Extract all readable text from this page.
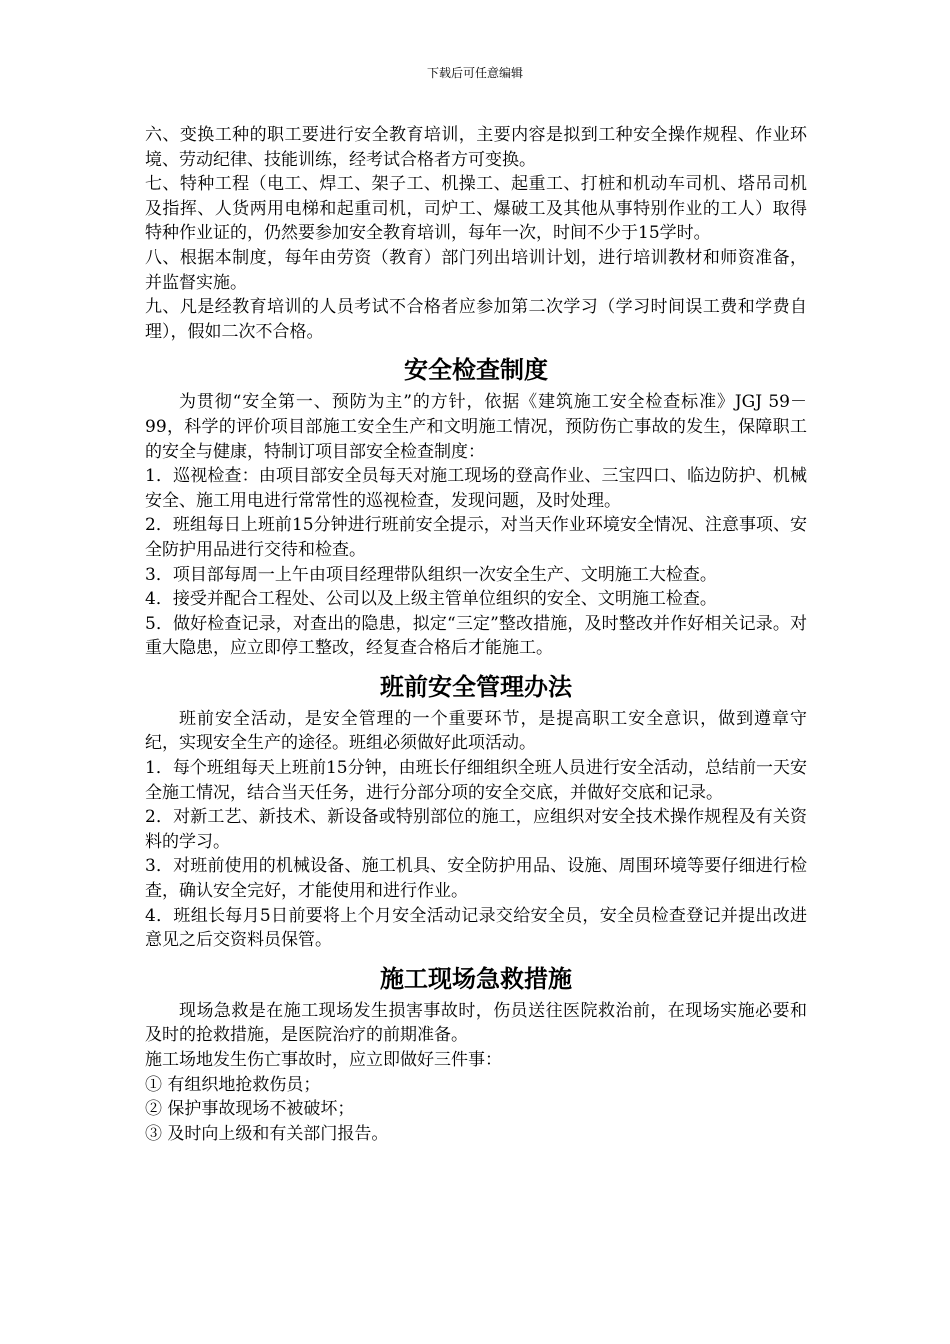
下载后可任意编辑

六、变换工种的职工要进行安全教育培训，主要内容是拟到工种安全操作规程、作业环境、劳动纪律、技能训练，经考试合格者方可变换。

七、特种工程（电工、焊工、架子工、机操工、起重工、打桩和机动车司机、塔吊司机及指挥、人货两用电梯和起重司机，司炉工、爆破工及其他从事特别作业的工人）取得特种作业证的，仍然要参加安全教育培训，每年一次，时间不少于15学时。

八、根据本制度，每年由劳资（教育）部门列出培训计划，进行培训教材和师资准备，并监督实施。

九、凡是经教育培训的人员考试不合格者应参加第二次学习（学习时间误工费和学费自理），假如二次不合格。

安全检查制度

为贯彻“安全第一、预防为主”的方针，依据《建筑施工安全检查标准》JGJ 59－99，科学的评价项目部施工安全生产和文明施工情况，预防伤亡事故的发生，保障职工的安全与健康，特制订项目部安全检查制度：

1．巡视检查：由项目部安全员每天对施工现场的登高作业、三宝四口、临边防护、机械安全、施工用电进行常常性的巡视检查，发现问题，及时处理。

2．班组每日上班前15分钟进行班前安全提示，对当天作业环境安全情况、注意事项、安全防护用品进行交待和检查。

3．项目部每周一上午由项目经理带队组织一次安全生产、文明施工大检查。

4．接受并配合工程处、公司以及上级主管单位组织的安全、文明施工检查。

5．做好检查记录，对查出的隐患，拟定“三定”整改措施，及时整改并作好相关记录。对重大隐患，应立即停工整改，经复查合格后才能施工。

班前安全管理办法

班前安全活动，是安全管理的一个重要环节，是提高职工安全意识，做到遵章守纪，实现安全生产的途径。班组必须做好此项活动。

1．每个班组每天上班前15分钟，由班长仔细组织全班人员进行安全活动，总结前一天安全施工情况，结合当天任务，进行分部分项的安全交底，并做好交底和记录。

2．对新工艺、新技术、新设备或特别部位的施工，应组织对安全技术操作规程及有关资料的学习。

3．对班前使用的机械设备、施工机具、安全防护用品、设施、周围环境等要仔细进行检查，确认安全完好，才能使用和进行作业。

4．班组长每月5日前要将上个月安全活动记录交给安全员，安全员检查登记并提出改进意见之后交资料员保管。

施工现场急救措施

现场急救是在施工现场发生损害事故时，伤员送往医院救治前，在现场实施必要和及时的抢救措施，是医院治疗的前期准备。

施工场地发生伤亡事故时，应立即做好三件事：

① 有组织地抢救伤员；

② 保护事故现场不被破坏；

③ 及时向上级和有关部门报告。
